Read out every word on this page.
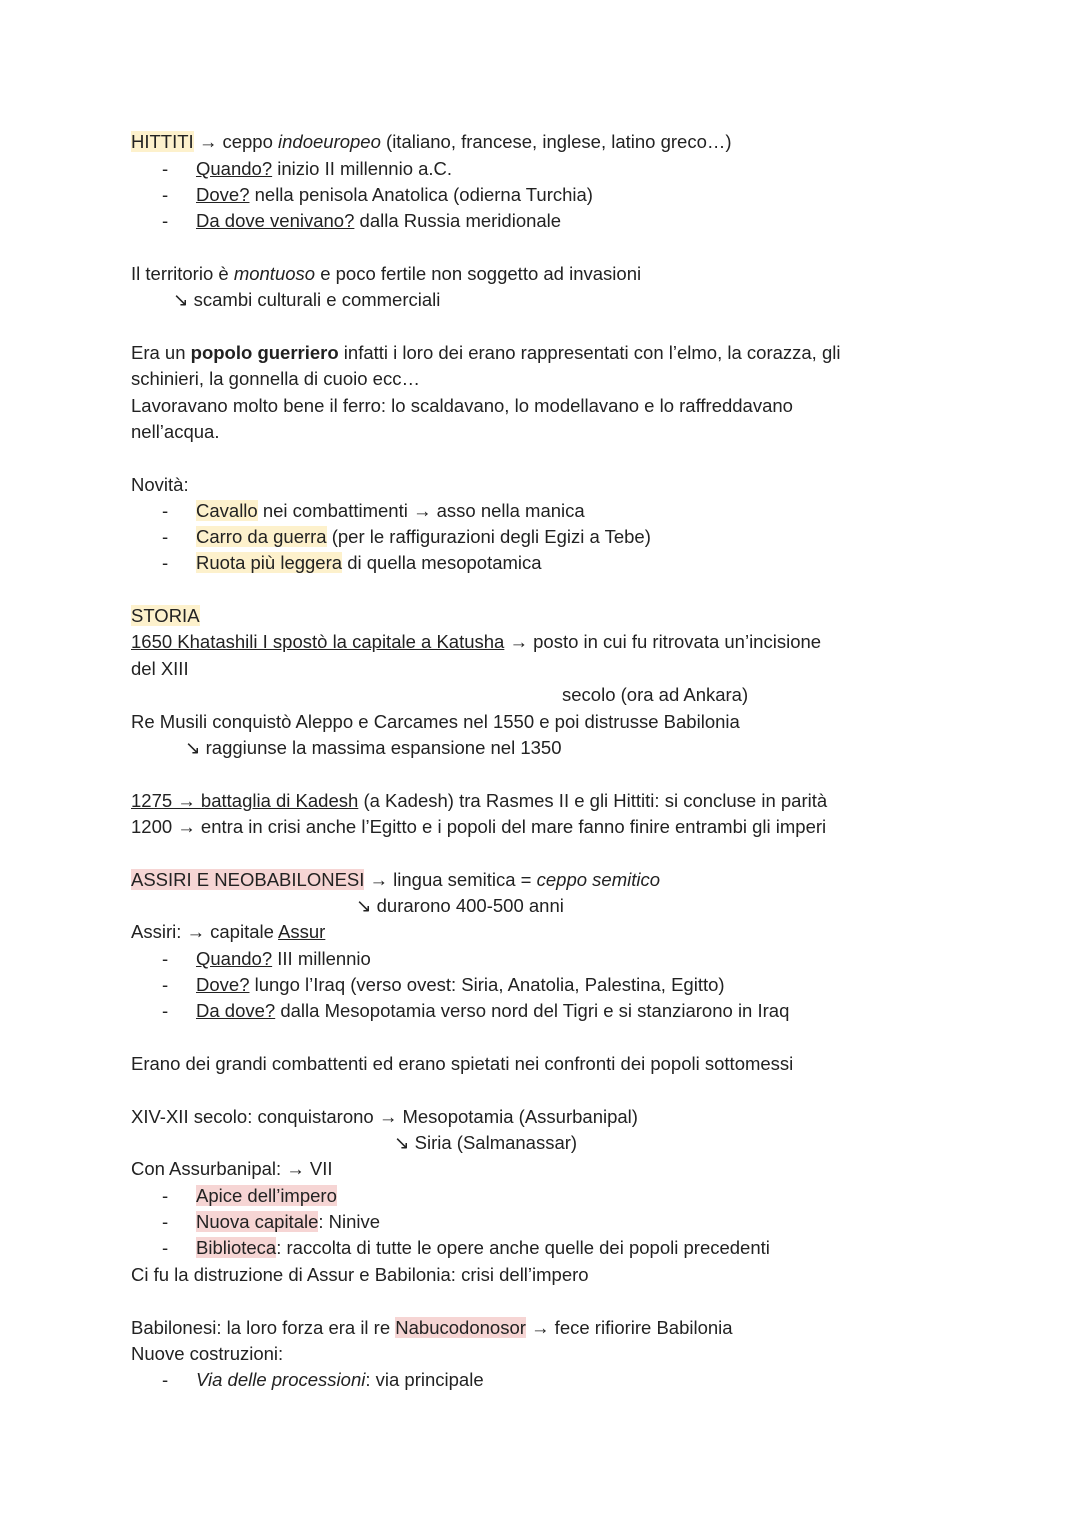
HITTITI → ceppo indoeuropeo (italiano, francese, inglese, latino greco…)
- Quando? inizio II millennio a.C.
- Dove? nella penisola Anatolica (odierna Turchia)
- Da dove venivano? dalla Russia meridionale
Il territorio è montuoso e poco fertile non soggetto ad invasioni
↘ scambi culturali e commerciali
Era un popolo guerriero infatti i loro dei erano rappresentati con l’elmo, la corazza, gli
schinieri, la gonnella di cuoio ecc…
Lavoravano molto bene il ferro: lo scaldavano, lo modellavano e lo raffreddavano
nell’acqua.
Novità:
- Cavallo nei combattimenti → asso nella manica
- Carro da guerra (per le raffigurazioni degli Egizi a Tebe)
- Ruota più leggera di quella mesopotamica
STORIA
1650 Khatashili I spostò la capitale a Katusha → posto in cui fu ritrovata un’incisione
del XIII
secolo (ora ad Ankara)
Re Musili conquistò Aleppo e Carcames nel 1550 e poi distrusse Babilonia
↘ raggiunse la massima espansione nel 1350
1275 → battaglia di Kadesh (a Kadesh) tra Rasmes II e gli Hittiti: si concluse in parità
1200 → entra in crisi anche l’Egitto e i popoli del mare fanno finire entrambi gli imperi
ASSIRI E NEOBABILONESI → lingua semitica = ceppo semitico
↘ durarono 400-500 anni
Assiri: → capitale Assur
- Quando? III millennio
- Dove? lungo l’Iraq (verso ovest: Siria, Anatolia, Palestina, Egitto)
- Da dove? dalla Mesopotamia verso nord del Tigri e si stanziarono in Iraq
Erano dei grandi combattenti ed erano spietati nei confronti dei popoli sottomessi
XIV-XII secolo: conquistarono → Mesopotamia (Assurbanipal)
↘ Siria (Salmanassar)
Con Assurbanipal: → VII
- Apice dell’impero
- Nuova capitale: Ninive
- Biblioteca: raccolta di tutte le opere anche quelle dei popoli precedenti
Ci fu la distruzione di Assur e Babilonia: crisi dell’impero
Babilonesi: la loro forza era il re Nabucodonosor → fece rifiorire Babilonia
Nuove costruzioni:
- Via delle processioni: via principale
